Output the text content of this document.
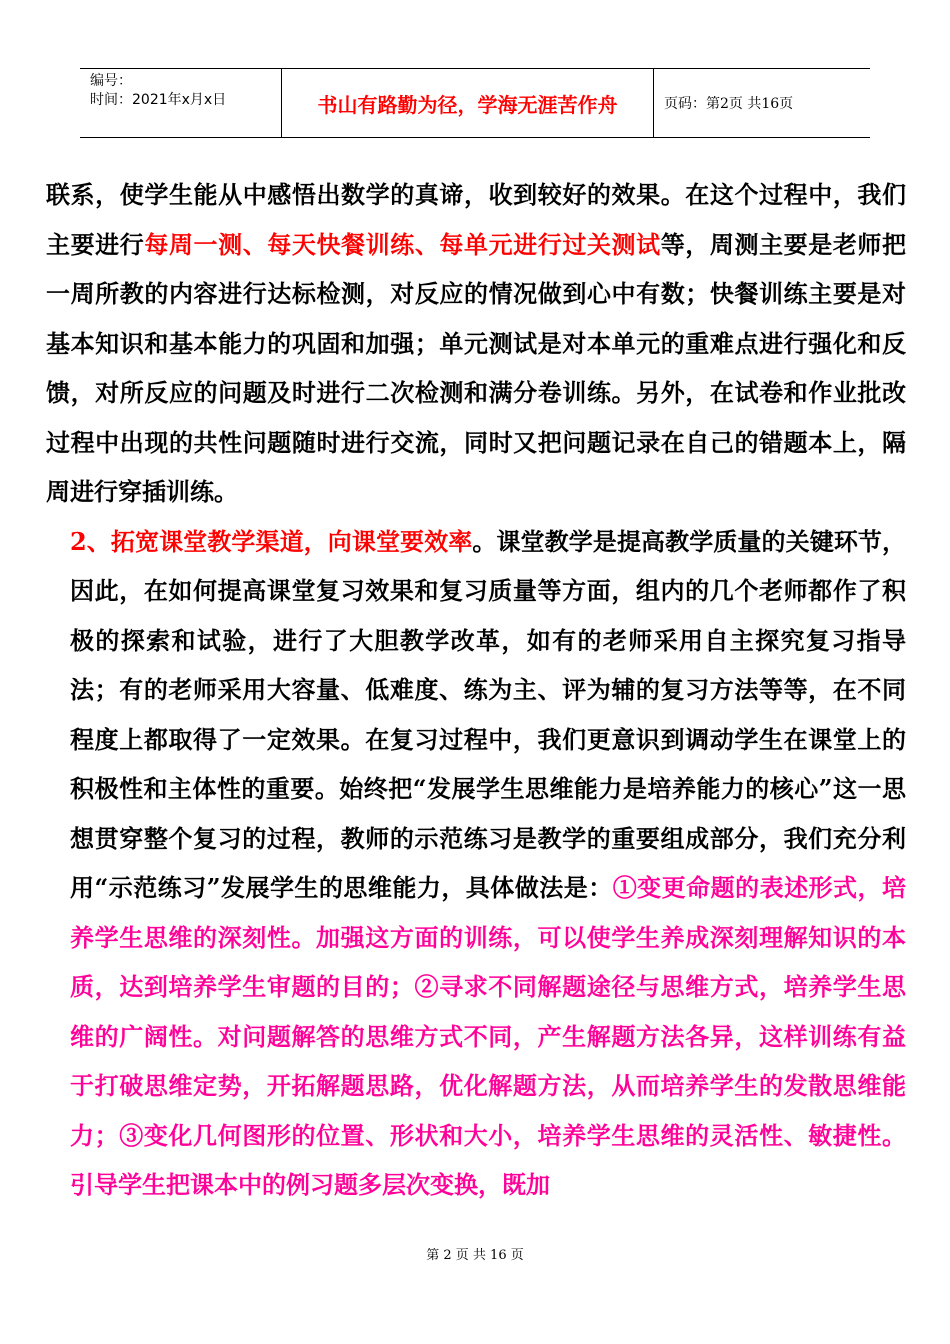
编号：
时间：2021年x月x日	书山有路勤为径，学海无涯苦作舟	页码：第2页 共16页

联系，使学生能从中感悟出数学的真谛，收到较好的效果。在这个过程中，我们主要进行每周一测、每天快餐训练、每单元进行过关测试等，周测主要是老师把一周所教的内容进行达标检测，对反应的情况做到心中有数；快餐训练主要是对基本知识和基本能力的巩固和加强；单元测试是对本单元的重难点进行强化和反馈，对所反应的问题及时进行二次检测和满分卷训练。另外，在试卷和作业批改过程中出现的共性问题随时进行交流，同时又把问题记录在自己的错题本上，隔周进行穿插训练。

2、拓宽课堂教学渠道，向课堂要效率。课堂教学是提高教学质量的关键环节，因此，在如何提高课堂复习效果和复习质量等方面，组内的几个老师都作了积极的探索和试验，进行了大胆教学改革，如有的老师采用自主探究复习指导法；有的老师采用大容量、低难度、练为主、评为辅的复习方法等等，在不同程度上都取得了一定效果。在复习过程中，我们更意识到调动学生在课堂上的积极性和主体性的重要。始终把“发展学生思维能力是培养能力的核心”这一思想贯穿整个复习的过程，教师的示范练习是教学的重要组成部分，我们充分利用“示范练习”发展学生的思维能力，具体做法是：①变更命题的表述形式，培养学生思维的深刻性。加强这方面的训练，可以使学生养成深刻理解知识的本质，达到培养学生审题的目的；②寻求不同解题途径与思维方式，培养学生思维的广阔性。对问题解答的思维方式不同，产生解题方法各异，这样训练有益于打破思维定势，开拓解题思路，优化解题方法，从而培养学生的发散思维能力；③变化几何图形的位置、形状和大小，培养学生思维的灵活性、敏捷性。引导学生把课本中的例习题多层次变换，既加

第 2 页 共 16 页
